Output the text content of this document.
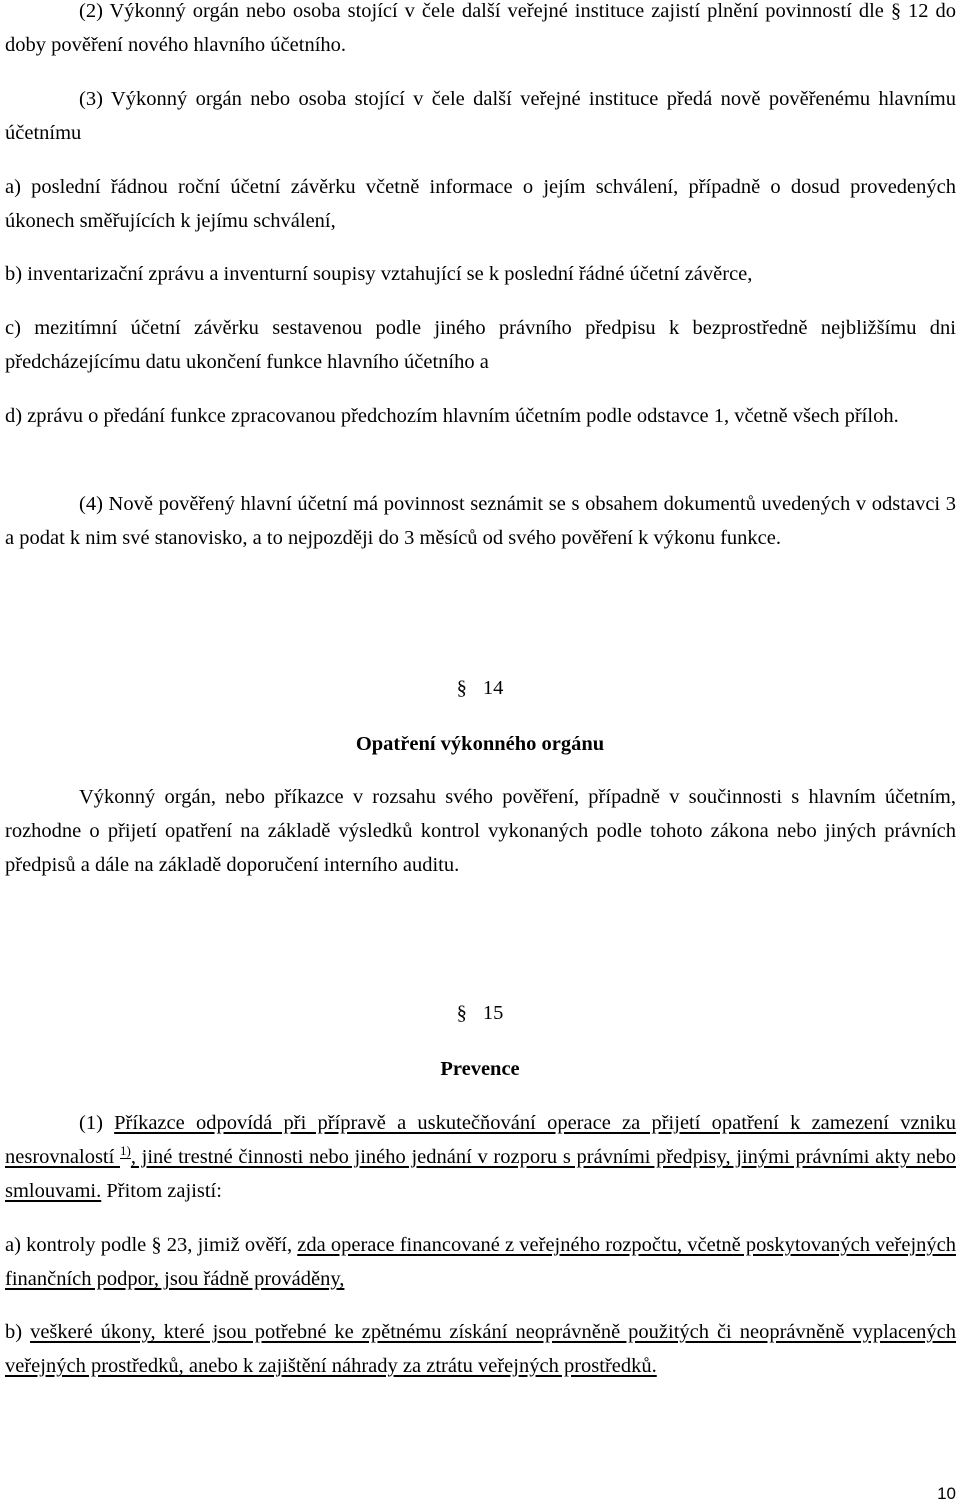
(2) Výkonný orgán nebo osoba stojící v čele další veřejné instituce zajistí plnění povinností dle § 12 do doby pověření nového hlavního účetního.

(3) Výkonný orgán nebo osoba stojící v čele další veřejné instituce předá nově pověřenému hlavnímu účetnímu

a) poslední řádnou roční účetní závěrku včetně informace o jejím schválení, případně o dosud provedených úkonech směřujících k jejímu schválení,

b) inventarizační zprávu a inventurní soupisy vztahující se k poslední řádné účetní závěrce,

c) mezitímní účetní závěrku sestavenou podle jiného právního předpisu k bezprostředně nejbližšímu dni předcházejícímu datu ukončení funkce hlavního účetního a

d) zprávu o předání funkce zpracovanou předchozím hlavním účetním podle odstavce 1, včetně všech příloh.

(4) Nově pověřený hlavní účetní má povinnost seznámit se s obsahem dokumentů uvedených v odstavci 3 a podat k nim své stanovisko, a to nejpozději do 3 měsíců od svého pověření k výkonu funkce.

§ 14

Opatření výkonného orgánu

Výkonný orgán, nebo příkazce v rozsahu svého pověření, případně v součinnosti s hlavním účetním, rozhodne o přijetí opatření na základě výsledků kontrol vykonaných podle tohoto zákona nebo jiných právních předpisů a dále na základě doporučení interního auditu.

§ 15

Prevence

(1) Příkazce odpovídá při přípravě a uskutečňování operace za přijetí opatření k zamezení vzniku nesrovnalostí $^{1)}$, jiné trestné činnosti nebo jiného jednání v rozporu s právními předpisy, jinými právními akty nebo smlouvami. Přitom zajistí:

a) kontroly podle § 23, jimiž ověří, zda operace financované z veřejného rozpočtu, včetně poskytovaných veřejných finančních podpor, jsou řádně prováděny,

b) veškeré úkony, které jsou potřebné ke zpětnému získání neoprávněně použitých či neoprávněně vyplacených veřejných prostředků, anebo k zajištění náhrady za ztrátu veřejných prostředků.

10
